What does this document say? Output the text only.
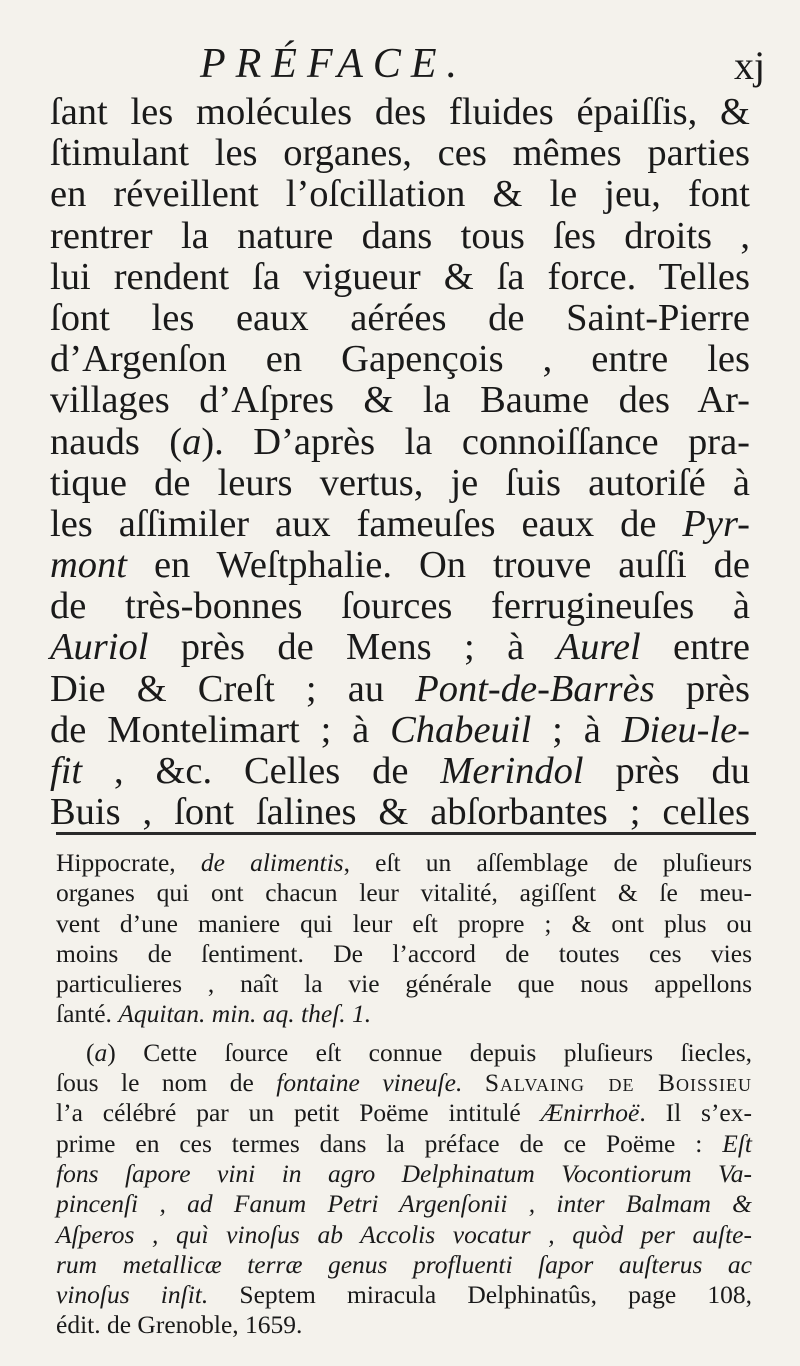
PRÉFACE.	xj
ſant les molécules des fluides épaiſſis, &
ſtimulant les organes, ces mêmes parties
en réveillent l’oſcillation & le jeu, font
rentrer la nature dans tous ſes droits ,
lui rendent ſa vigueur & ſa force. Telles
ſont les eaux aérées de Saint-Pierre
d’Argenſon en Gapençois , entre les
villages d’Aſpres & la Baume des Ar-
nauds (a). D’après la connoiſſance pra-
tique de leurs vertus, je ſuis autoriſé à
les aſſimiler aux fameuſes eaux de Pyr-
mont en Weſtphalie. On trouve auſſi de
de très-bonnes ſources ferrugineuſes à
Auriol près de Mens ; à Aurel entre
Die & Creſt ; au Pont-de-Barrès près
de Montelimart ; à Chabeuil ; à Dieu-le-
fit , &c. Celles de Merindol près du
Buis , ſont ſalines & abſorbantes ; celles
Hippocrate, de alimentis, eſt un aſſemblage de pluſieurs
organes qui ont chacun leur vitalité, agiſſent & ſe meu-
vent d’une maniere qui leur eſt propre ; & ont plus ou
moins de ſentiment. De l’accord de toutes ces vies
particulieres , naît la vie générale que nous appellons
ſanté. Aquitan. min. aq. theſ. 1.
(a) Cette ſource eſt connue depuis pluſieurs ſiecles,
ſous le nom de fontaine vineuſe. Salvaing de Boissieu
l’a célébré par un petit Poëme intitulé Ænirrhoë. Il s’ex-
prime en ces termes dans la préface de ce Poëme : Eſt
fons ſapore vini in agro Delphinatum Vocontiorum Va-
pincenſi , ad Fanum Petri Argenſonii , inter Balmam &
Aſperos , quì vinoſus ab Accolis vocatur , quòd per auſte-
rum metallicæ terræ genus profluenti ſapor auſterus ac
vinoſus inſit. Septem miracula Delphinatûs, page 108,
édit. de Grenoble, 1659.
